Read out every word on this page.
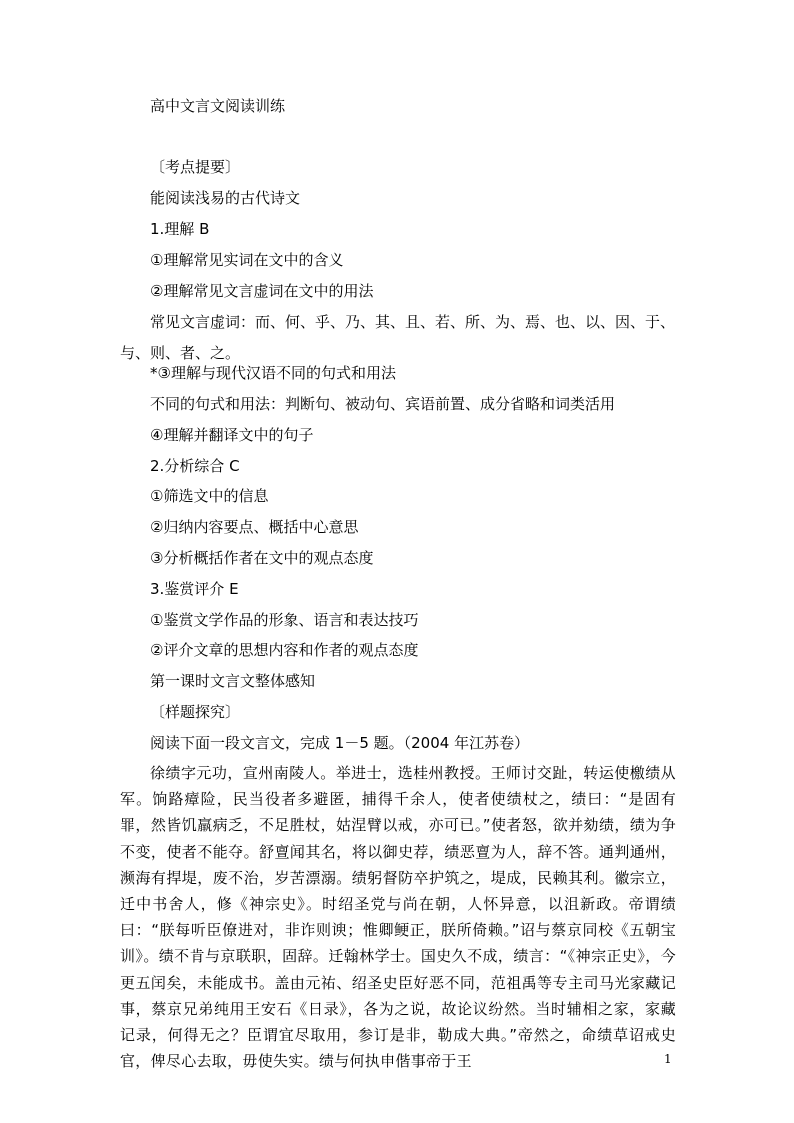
高中文言文阅读训练
〔考点提要〕
能阅读浅易的古代诗文
1.理解 B
①理解常见实词在文中的含义
②理解常见文言虚词在文中的用法

常见文言虚词：而、何、乎、乃、其、且、若、所、为、焉、也、以、因、于、与、则、者、之。

*③理解与现代汉语不同的句式和用法
不同的句式和用法：判断句、被动句、宾语前置、成分省略和词类活用
④理解并翻译文中的句子
2.分析综合 C
①筛选文中的信息
②归纳内容要点、概括中心意思
③分析概括作者在文中的观点态度
3.鉴赏评介 E
①鉴赏文学作品的形象、语言和表达技巧
②评介文章的思想内容和作者的观点态度
第一课时文言文整体感知
〔样题探究〕
阅读下面一段文言文，完成 1－5 题。（2004 年江苏卷）

徐绩字元功，宣州南陵人。举进士，选桂州教授。王师讨交趾，转运使檄绩从军。饷路瘴险，民当役者多避匿，捕得千余人，使者使绩杖之，绩曰：“是固有罪，然皆饥羸病乏，不足胜杖，姑涅臂以戒，亦可已。”使者怒，欲并劾绩，绩为争不变，使者不能夺。舒亶闻其名，将以御史荐，绩恶亶为人，辞不答。通判通州，濒海有捍堤，废不治，岁苦漂溺。绩躬督防卒护筑之，堤成，民赖其利。徽宗立，迁中书舍人，修《神宗史》。时绍圣党与尚在朝，人怀异意，以沮新政。帝谓绩曰：“朕每听臣僚进对，非诈则谀；惟卿鲠正，朕所倚赖。”诏与蔡京同校《五朝宝训》。绩不肯与京联职，固辞。迁翰林学士。国史久不成，绩言：“《神宗正史》，今更五闰矣，未能成书。盖由元祐、绍圣史臣好恶不同，范祖禹等专主司马光家藏记事，蔡京兄弟纯用王安石《日录》，各为之说，故论议纷然。当时辅相之家，家藏记录，何得无之？臣谓宜尽取用，参订是非，勒成大典。”帝然之，命绩草诏戒史官，俾尽心去取，毋使失实。绩与何执申偕事帝于王	1
